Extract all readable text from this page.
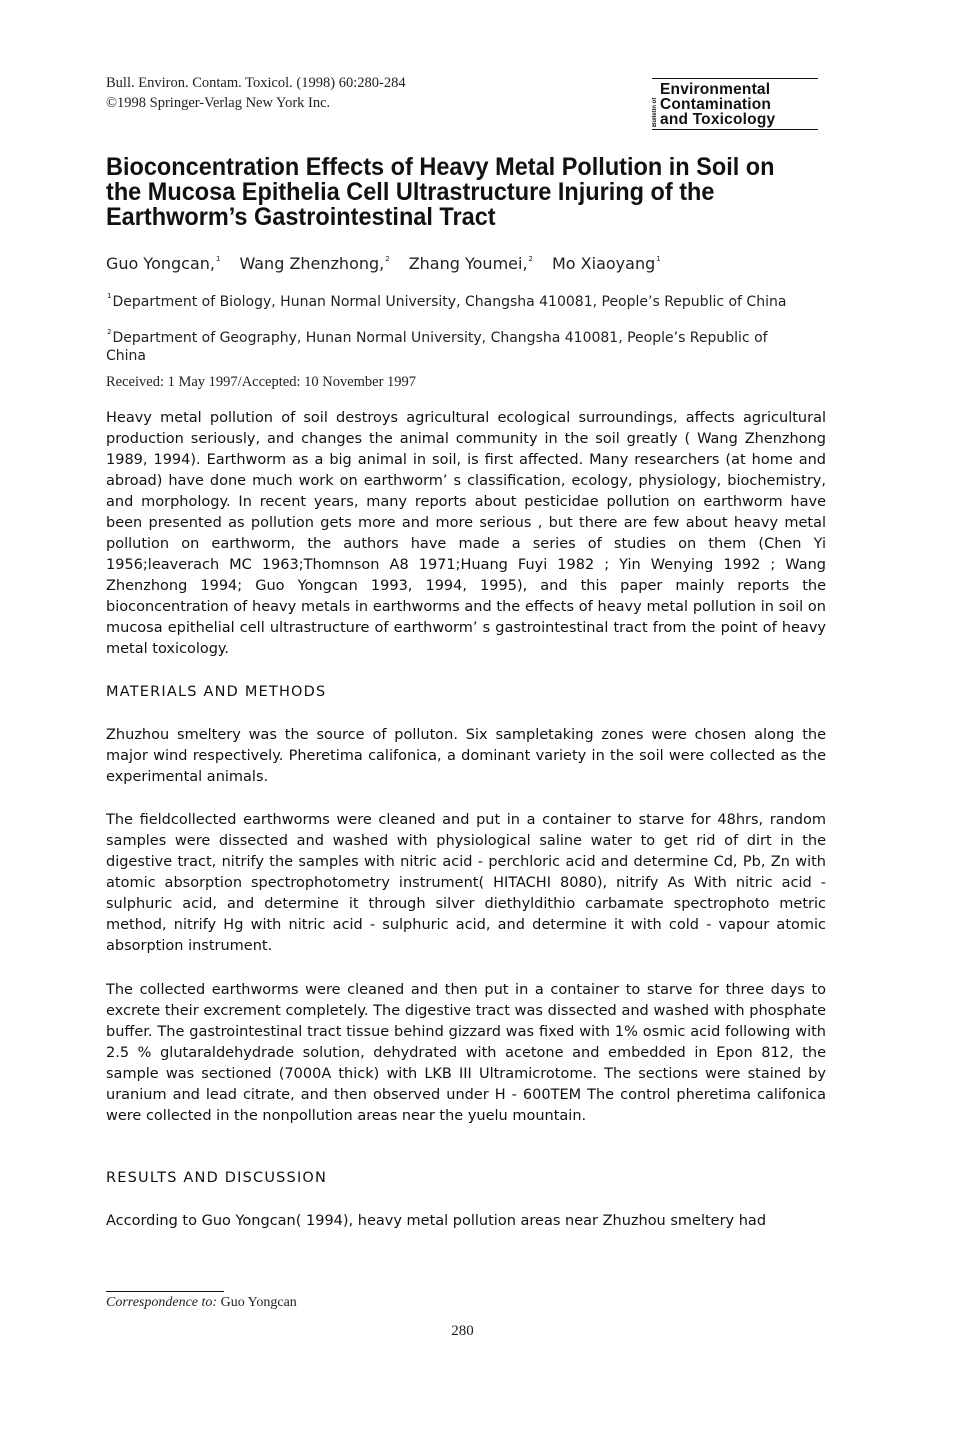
Bull. Environ. Contam. Toxicol. (1998) 60:280-284
©1998 Springer-Verlag New York Inc.	Bulletin of
Environmental
Contamination
and Toxicology
Bioconcentration Effects of Heavy Metal Pollution in Soil on the Mucosa Epithelia Cell Ultrastructure Injuring of the Earthworm’s Gastrointestinal Tract
Guo Yongcan,$^1$ Wang Zhenzhong,$^2$ Zhang Youmei,$^2$ Mo Xiaoyang$^1$
$^1$Department of Biology, Hunan Normal University, Changsha 410081, People’s Republic of China
$^2$Department of Geography, Hunan Normal University, Changsha 410081, People’s Republic of China
Received: 1 May 1997/Accepted: 10 November 1997

Heavy metal pollution of soil destroys agricultural ecological surroundings, affects agricultural production seriously, and changes the animal community in the soil greatly ( Wang Zhenzhong 1989, 1994). Earthworm as a big animal in soil, is first affected. Many researchers (at home and abroad) have done much work on earthworm’ s classification, ecology, physiology, biochemistry, and morphology. In recent years, many reports about pesticidae pollution on earthworm have been presented as pollution gets more and more serious , but there are few about heavy metal pollution on earthworm, the authors have made a series of studies on them (Chen Yi 1956;leaverach MC 1963;Thomnson A8 1971;Huang Fuyi 1982 ; Yin Wenying 1992 ; Wang Zhenzhong 1994; Guo Yongcan 1993, 1994, 1995), and this paper mainly reports the bioconcentration of heavy metals in earthworms and the effects of heavy metal pollution in soil on mucosa epithelial cell ultrastructure of earthworm’ s gastrointestinal tract from the point of heavy metal toxicology.

MATERIALS AND METHODS

Zhuzhou smeltery was the source of polluton. Six sampletaking zones were chosen along the major wind respectively. Pheretima califonica, a dominant variety in the soil were collected as the experimental animals.

The fieldcollected earthworms were cleaned and put in a container to starve for 48hrs, random samples were dissected and washed with physiological saline water to get rid of dirt in the digestive tract, nitrify the samples with nitric acid - perchloric acid and determine Cd, Pb, Zn with atomic absorption spectrophotometry instrument( HITACHI 8080), nitrify As With nitric acid - sulphuric acid, and determine it through silver diethyldithio carbamate spectrophoto metric method, nitrify Hg with nitric acid - sulphuric acid, and determine it with cold - vapour atomic absorption instrument.

The collected earthworms were cleaned and then put in a container to starve for three days to excrete their excrement completely. The digestive tract was dissected and washed with phosphate buffer. The gastrointestinal tract tissue behind gizzard was fixed with 1% osmic acid following with 2.5 % glutaraldehydrade solution, dehydrated with acetone and embedded in Epon 812, the sample was sectioned (7000A thick) with LKB III Ultramicrotome. The sections were stained by uranium and lead citrate, and then observed under H - 600TEM The control pheretima califonica were collected in the nonpollution areas near the yuelu mountain.

RESULTS AND DISCUSSION

According to Guo Yongcan( 1994), heavy metal pollution areas near Zhuzhou smeltery had

Correspondence to: Guo Yongcan
280
